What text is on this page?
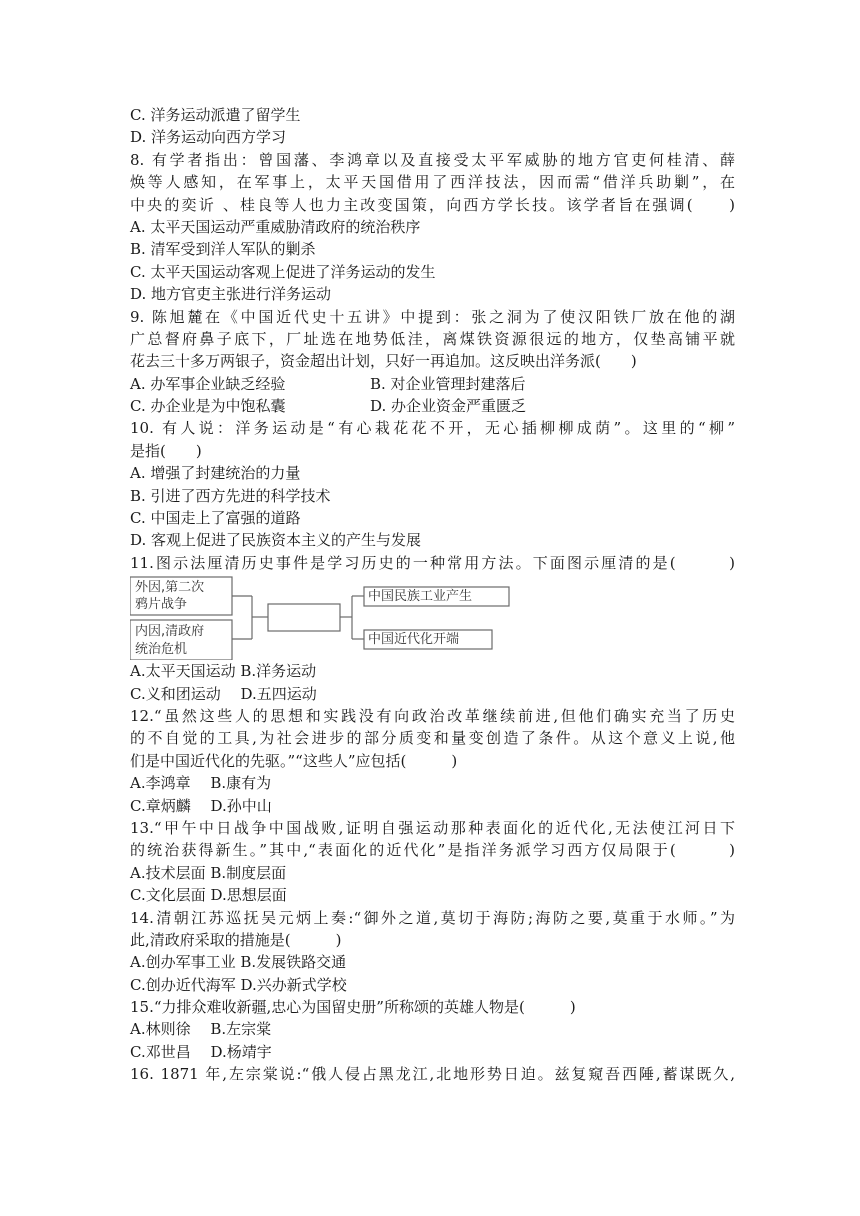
C. 洋务运动派遣了留学生
D. 洋务运动向西方学习
8. 有学者指出：曾国藩、李鸿章以及直接受太平军威胁的地方官吏何桂清、薛
焕等人感知，在军事上，太平天国借用了西洋技法，因而需“借洋兵助剿”，在
中央的奕䜣 、桂良等人也力主改变国策，向西方学长技。该学者旨在强调(　　)
A. 太平天国运动严重威胁清政府的统治秩序
B. 清军受到洋人军队的剿杀
C. 太平天国运动客观上促进了洋务运动的发生
D. 地方官吏主张进行洋务运动
9. 陈旭麓在《中国近代史十五讲》中提到：张之洞为了使汉阳铁厂放在他的湖
广总督府鼻子底下，厂址选在地势低洼，离煤铁资源很远的地方，仅垫高铺平就
花去三十多万两银子，资金超出计划，只好一再追加。这反映出洋务派(　　)
A. 办军事企业缺乏经验	B. 对企业管理封建落后
C. 办企业是为中饱私囊	D. 办企业资金严重匮乏
10. 有人说：洋务运动是“有心栽花花不开，无心插柳柳成荫”。这里的“柳”
是指(　　)
A. 增强了封建统治的力量
B. 引进了西方先进的科学技术
C. 中国走上了富强的道路
D. 客观上促进了民族资本主义的产生与发展
11.图示法厘清历史事件是学习历史的一种常用方法。下面图示厘清的是(　　　)
外因,第二次
鸦片战争
内因,清政府
统治危机
中国民族工业产生
中国近代化开端
A.太平天国运动 B.洋务运动
C.义和团运动　 D.五四运动
12.“虽然这些人的思想和实践没有向政治改革继续前进,但他们确实充当了历史
的不自觉的工具,为社会进步的部分质变和量变创造了条件。从这个意义上说,他
们是中国近代化的先驱。”“这些人”应包括(　　　)
A.李鸿章　 B.康有为
C.章炳麟　 D.孙中山
13.“甲午中日战争中国战败,证明自强运动那种表面化的近代化,无法使江河日下
的统治获得新生。”其中,“表面化的近代化”是指洋务派学习西方仅局限于(　　　)
A.技术层面 B.制度层面
C.文化层面 D.思想层面
14.清朝江苏巡抚吴元炳上奏:“御外之道,莫切于海防;海防之要,莫重于水师。”为
此,清政府采取的措施是(　　　)
A.创办军事工业 B.发展铁路交通
C.创办近代海军 D.兴办新式学校
15.“力排众难收新疆,忠心为国留史册”所称颂的英雄人物是(　　　)
A.林则徐　 B.左宗棠
C.邓世昌　 D.杨靖宇
16. 1871 年,左宗棠说:“俄人侵占黑龙江,北地形势日迫。兹复窥吾西陲,蓄谋既久,
